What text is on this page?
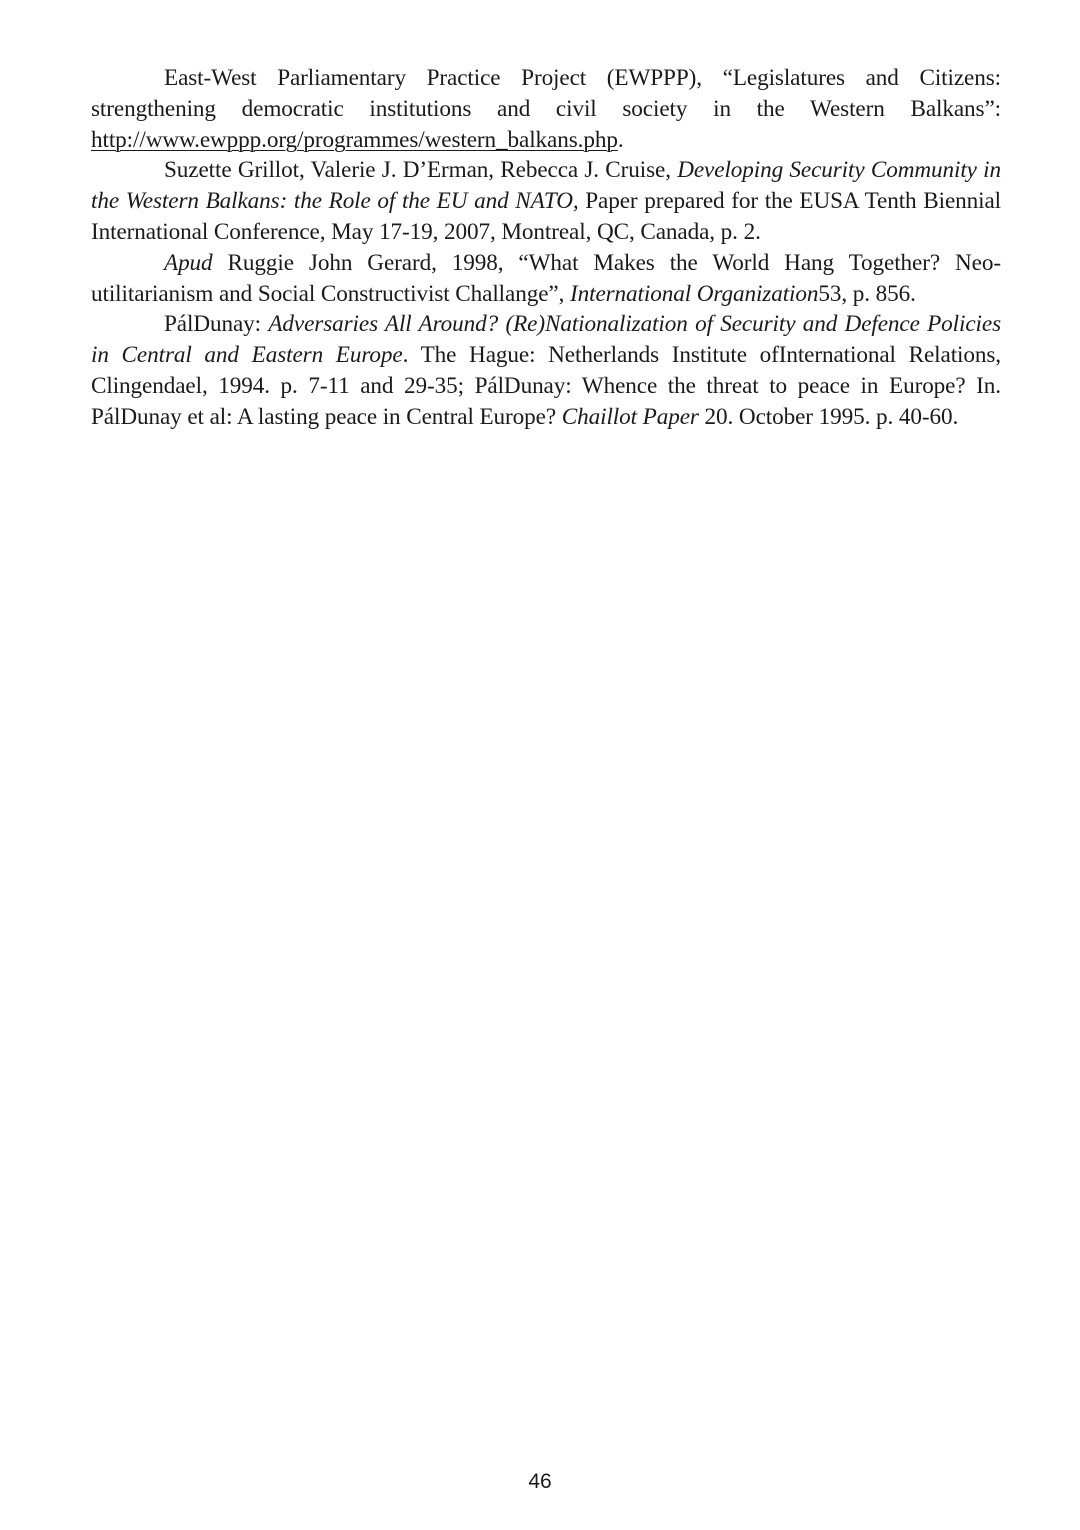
East-West Parliamentary Practice Project (EWPPP), “Legislatures and Citizens: strengthening democratic institutions and civil society in the Western Balkans”: http://www.ewppp.org/programmes/western_balkans.php.

Suzette Grillot, Valerie J. D’Erman, Rebecca J. Cruise, Developing Security Community in the Western Balkans: the Role of the EU and NATO, Paper prepared for the EUSA Tenth Biennial International Conference, May 17-19, 2007, Montreal, QC, Canada, p. 2.

Apud Ruggie John Gerard, 1998, “What Makes the World Hang Together? Neo-utilitarianism and Social Constructivist Challange”, International Organization53, p. 856.

PálDunay: Adversaries All Around? (Re)Nationalization of Security and Defence Policies in Central and Eastern Europe. The Hague: Netherlands Institute ofInternational Relations, Clingendael, 1994. p. 7-11 and 29-35; PálDunay: Whence the threat to peace in Europe? In. PálDunay et al: A lasting peace in Central Europe? Chaillot Paper 20. October 1995. p. 40-60.

46
